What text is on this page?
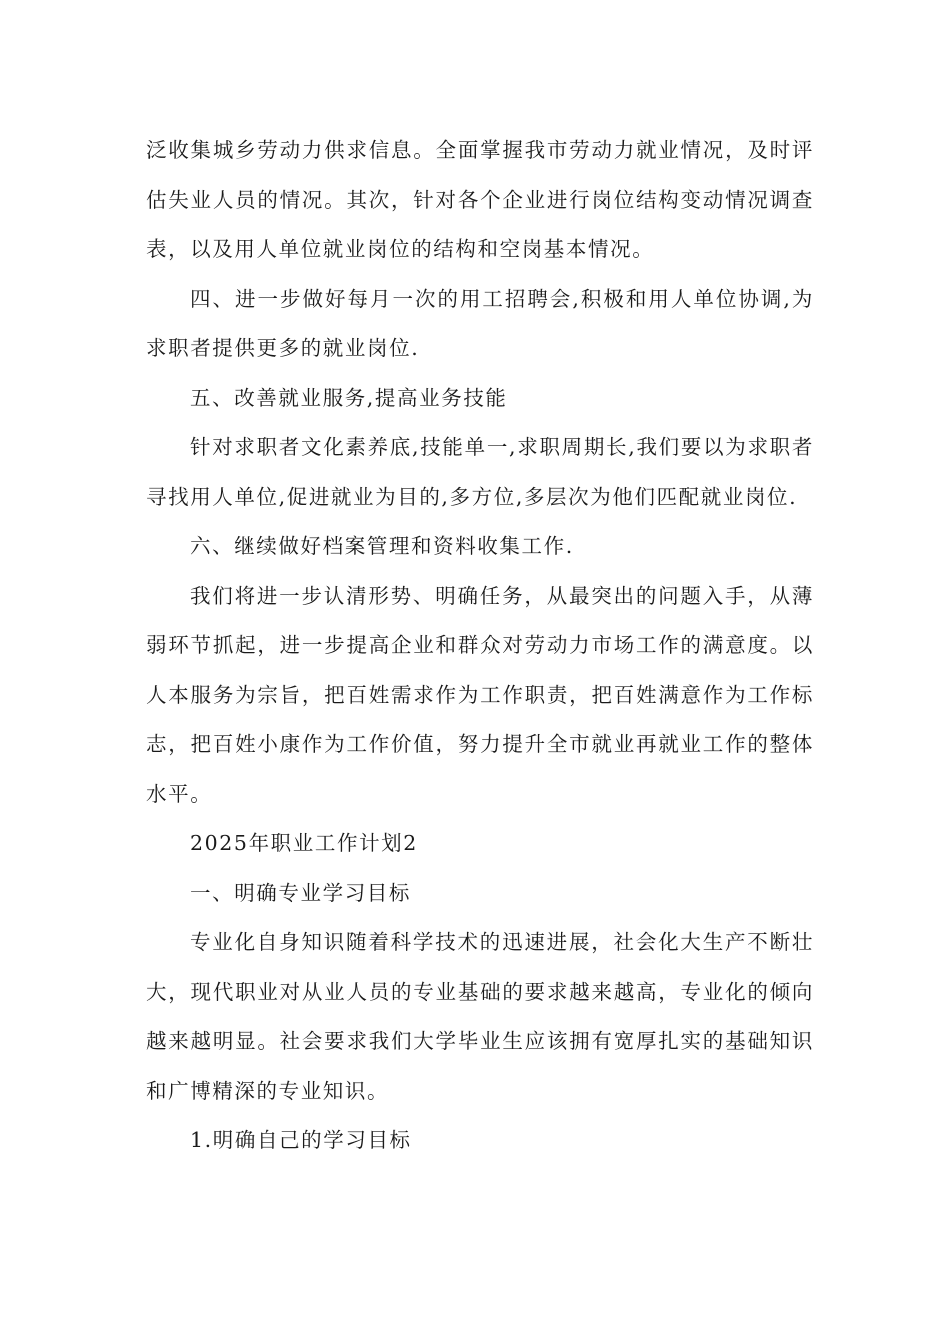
泛收集城乡劳动力供求信息。全面掌握我市劳动力就业情况，及时评估失业人员的情况。其次，针对各个企业进行岗位结构变动情况调查表，以及用人单位就业岗位的结构和空岗基本情况。

四、进一步做好每月一次的用工招聘会,积极和用人单位协调,为求职者提供更多的就业岗位.

五、改善就业服务,提高业务技能

针对求职者文化素养底,技能单一,求职周期长,我们要以为求职者寻找用人单位,促进就业为目的,多方位,多层次为他们匹配就业岗位.

六、继续做好档案管理和资料收集工作.

我们将进一步认清形势、明确任务，从最突出的问题入手，从薄弱环节抓起，进一步提高企业和群众对劳动力市场工作的满意度。以人本服务为宗旨，把百姓需求作为工作职责，把百姓满意作为工作标志，把百姓小康作为工作价值，努力提升全市就业再就业工作的整体水平。

2025年职业工作计划2

一、明确专业学习目标

专业化自身知识随着科学技术的迅速进展，社会化大生产不断壮大，现代职业对从业人员的专业基础的要求越来越高，专业化的倾向越来越明显。社会要求我们大学毕业生应该拥有宽厚扎实的基础知识和广博精深的专业知识。

1.明确自己的学习目标
